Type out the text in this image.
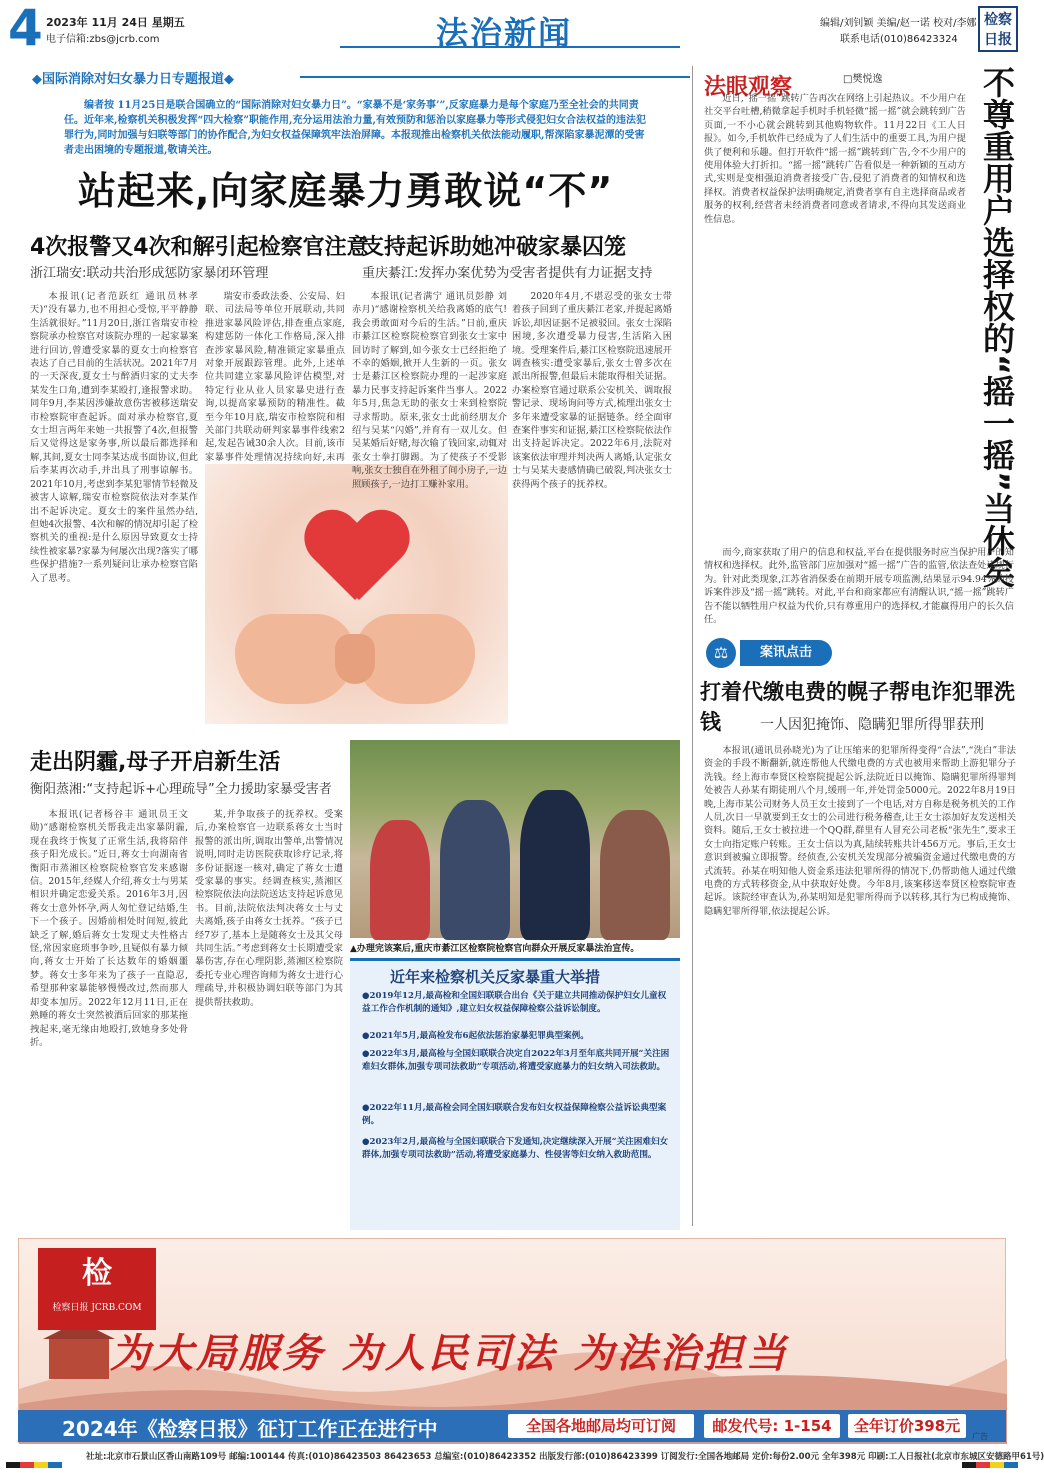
4 2023年 11月 24日 星期五
电子信箱:zbs@jcrb.com	法治新闻	编辑/刘钊颖 美编/赵一诺 校对/李娜
联系电话(010)86423324
检察日报
◆国际消除对妇女暴力日专题报道◆
编者按 11月25日是联合国确立的“国际消除对妇女暴力日”。“家暴不是‘家务事’”,反家庭暴力是每个家庭乃至全社会的共同责任。近年来,检察机关积极发挥“四大检察”职能作用,充分运用法治力量,有效预防和惩治以家庭暴力等形式侵犯妇女合法权益的违法犯罪行为,同时加强与妇联等部门的协作配合,为妇女权益保障筑牢法治屏障。本报现推出检察机关依法能动履职,帮深陷家暴泥潭的受害者走出困境的专题报道,敬请关注。
站起来,向家庭暴力勇敢说“不”
4次报警又4次和解引起检察官注意
浙江瑞安:联动共治形成惩防家暴闭环管理
本报讯(记者范跃红 通讯员林孝天)“没有暴力,也不用担心受惊,平平静静生活就很好。”11月20日,浙江省瑞安市检察院承办检察官对该院办理的一起家暴案进行回访,曾遭受家暴的夏女士向检察官表达了自己目前的生活状况。2021年7月的一天深夜,夏女士与醉酒归家的丈夫李某发生口角,遭到李某殴打,逢报警求助。同年9月,李某因涉嫌故意伤害被移送瑞安市检察院审查起诉。面对承办检察官,夏女士坦言两年来她一共报警了4次,但报警后又觉得这是家务事,所以最后都选择和解,其间,夏女士同李某达成书面协议,但此后李某再次动手,并出具了刑事谅解书。2021年10月,考虑到李某犯罪情节轻微及被害人谅解,瑞安市检察院依法对李某作出不起诉决定。夏女士的案件虽然办结,但她4次报警、4次和解的情况却引起了检察机关的重视:是什么原因导致夏女士持续性被家暴?家暴为何屡次出现?落实了哪些保护措施?一系列疑问让承办检察官陷入了思考。
瑞安市委政法委、公安局、妇联、司法局等单位开展联动,共同推进家暴风险评估,排查重点家庭,构建惩防一体化工作格局,深入排查涉家暴风险,精准锁定家暴重点对象开展跟踪管理。此外,上述单位共同建立家暴风险评估模型,对特定行业从业人员家暴史进行查询,以提高家暴预防的精准性。截至今年10月底,瑞安市检察院和相关部门共联动研判家暴事件线索2起,发起告诫30余人次。目前,该市家暴事件处理情况持续向好,未再
支持起诉助她冲破家暴囚笼
重庆綦江:发挥办案优势为受害者提供有力证据支持
本报讯(记者满宁 通讯员彭静 刘赤月)“感谢检察机关给我离婚的底气!我会勇敢面对今后的生活。”日前,重庆市綦江区检察院检察官到张女士家中回访时了解到,如今张女士已经拒绝了不幸的婚姻,掀开人生新的一页。张女士是綦江区检察院办理的一起涉家庭暴力民事支持起诉案件当事人。2022年5月,焦急无助的张女士来到检察院寻求帮助。原来,张女士此前经朋友介绍与吴某“闪婚”,并育有一双儿女。但吴某婚后好赌,每次输了钱回家,动辄对张女士拳打脚踢。为了使孩子不受影响,张女士独自在外租了间小房子,一边照顾孩子,一边打工赚补家用。
2020年4月,不堪忍受的张女士带着孩子回到了重庆綦江老家,并提起离婚诉讼,却因证据不足被驳回。张女士深陷困境,多次遭受暴力侵害,生活陷入困境。受理案件后,綦江区检察院迅速展开调查核实:遭受家暴后,张女士曾多次在派出所报警,但最后未能取得相关证据。办案检察官通过联系公安机关、调取报警记录、现场询问等方式,梳理出张女士多年来遭受家暴的证据链条。经全面审查案件事实和证据,綦江区检察院依法作出支持起诉决定。2022年6月,法院对该案依法审理并判决两人离婚,认定张女士与吴某夫妻感情确已破裂,判决张女士获得两个孩子的抚养权。
走出阴霾,母子开启新生活
衡阳蒸湘:“支持起诉+心理疏导”全力援助家暴受害者
本报讯(记者杨谷丰 通讯员王文勋)“感谢检察机关帮我走出家暴阴霾,现在我终于恢复了正常生活,我将陪伴孩子阳光成长。”近日,蒋女士向湖南省衡阳市蒸湘区检察院检察官发来感谢信。2015年,经媒人介绍,蒋女士与男某相识并确定恋爱关系。2016年3月,因蒋女士意外怀孕,两人匆忙登记结婚,生下一个孩子。因婚前相处时间短,彼此缺乏了解,婚后蒋女士发现丈夫性格古怪,常因家庭琐事争吵,且疑似有暴力倾向,蒋女士开始了长达数年的婚姻噩梦。蒋女士多年来为了孩子一直隐忍,希望那种家暴能够慢慢改过,然而那人却变本加厉。2022年12月11日,正在熟睡的蒋女士突然被酒后回家的那某拖拽起来,毫无缘由地殴打,致她身多处骨折。
某,并争取孩子的抚养权。受案后,办案检察官一边联系蒋女士当时报警的派出所,调取出警单,出警情况说明,同时走访医院获取诊疗记录,将多份证据逐一核对,确定了蒋女士遭受家暴的事实。经调查核实,蒸湘区检察院依法向法院送达支持起诉意见书。目前,法院依法判决蒋女士与丈夫离婚,孩子由蒋女士抚养。“孩子已经7岁了,基本上是随蒋女士及其父母共同生活。”考虑到蒋女士长期遭受家暴伤害,存在心理阴影,蒸湘区检察院委托专业心理咨询师为蒋女士进行心理疏导,并积极协调妇联等部门为其提供帮扶救助。
▲办理完该案后,重庆市綦江区检察院检察官向群众开展反家暴法治宣传。
近年来检察机关反家暴重大举措
●2019年12月,最高检和全国妇联联合出台《关于建立共同推动保护妇女儿童权益工作合作机制的通知》,建立妇女权益保障检察公益诉讼制度。
●2021年5月,最高检发布6起依法惩治家暴犯罪典型案例。
●2022年3月,最高检与全国妇联联合决定自2022年3月至年底共同开展“关注困难妇女群体,加强专项司法救助”专项活动,将遭受家庭暴力的妇女纳入司法救助。
●2022年11月,最高检会同全国妇联联合发布妇女权益保障检察公益诉讼典型案例。
●2023年2月,最高检与全国妇联联合下发通知,决定继续深入开展“关注困难妇女群体,加强专项司法救助”活动,将遭受家庭暴力、性侵害等妇女纳入救助范围。
法眼观察	□樊悦逸	不尊重用户选择权的“摇一摇”当休矣
近日,“摇一摇”跳转广告再次在网络上引起热议。不少用户在社交平台吐槽,稍微拿起手机时手机轻微“摇一摇”就会跳转到广告页面,一不小心就会跳转到其他购物软件。11月22日《工人日报》。如今,手机软件已经成为了人们生活中的重要工具,为用户提供了便利和乐趣。但打开软件“摇一摇”跳转到广告,令不少用户的使用体验大打折扣。“摇一摇”跳转广告看似是一种新颖的互动方式,实则是变相强迫消费者接受广告,侵犯了消费者的知情权和选择权。消费者权益保护法明确规定,消费者享有自主选择商品或者服务的权利,经营者未经消费者同意或者请求,不得向其发送商业性信息。
而今,商家获取了用户的信息和权益,平台在提供服务时应当保护用户的知情权和选择权。此外,监管部门应加强对“摇一摇”广告的监管,依法查处违规行为。针对此类现象,江苏省消保委在前期开展专项监测,结果显示94.94%的投诉案件涉及“摇一摇”跳转。对此,平台和商家都应有清醒认识,“摇一摇”跳转广告不能以牺牲用户权益为代价,只有尊重用户的选择权,才能赢得用户的长久信任。
⚖	案讯点击
打着代缴电费的幌子帮电诈犯罪洗钱	一人因犯掩饰、隐瞒犯罪所得罪获刑
本报讯(通讯员孙晓光)为了让压缩来的犯罪所得变得“合法”,“洗白”非法资金的手段不断翻新,就连帮他人代缴电费的方式也被用来帮助上游犯罪分子洗钱。经上海市奉贤区检察院提起公诉,法院近日以掩饰、隐瞒犯罪所得罪判处被告人孙某有期徒刑八个月,缓刑一年,并处罚金5000元。2022年8月19日晚,上海市某公司财务人员王女士接到了一个电话,对方自称是税务机关的工作人员,次日一早就要到王女士的公司进行税务稽查,让王女士添加好友发送相关资料。随后,王女士被拉进一个QQ群,群里有人冒充公司老板“张先生”,要求王女士向指定账户转账。王女士信以为真,陆续转账共计456万元。事后,王女士意识到被骗立即报警。经侦查,公安机关发现部分被骗资金通过代缴电费的方式流转。孙某在明知他人资金系违法犯罪所得的情况下,仍帮助他人通过代缴电费的方式转移资金,从中获取好处费。今年8月,该案移送奉贤区检察院审查起诉。该院经审查认为,孙某明知是犯罪所得而予以转移,其行为已构成掩饰、隐瞒犯罪所得罪,依法提起公诉。
检
检察日报 JCRB.COM
为大局服务 为人民司法 为法治担当
2024年《检察日报》征订工作正在进行中	全国各地邮局均可订阅	邮发代号: 1-154	全年订价398元
广告
社址:北京市石景山区香山南路109号 邮编:100144 传真:(010)86423503 86423653 总编室:(010)86423352 出版发行部:(010)86423399 订阅发行:全国各地邮局 定价:每份2.00元 全年398元 印刷:工人日报社(北京市东城区安德路甲61号)
